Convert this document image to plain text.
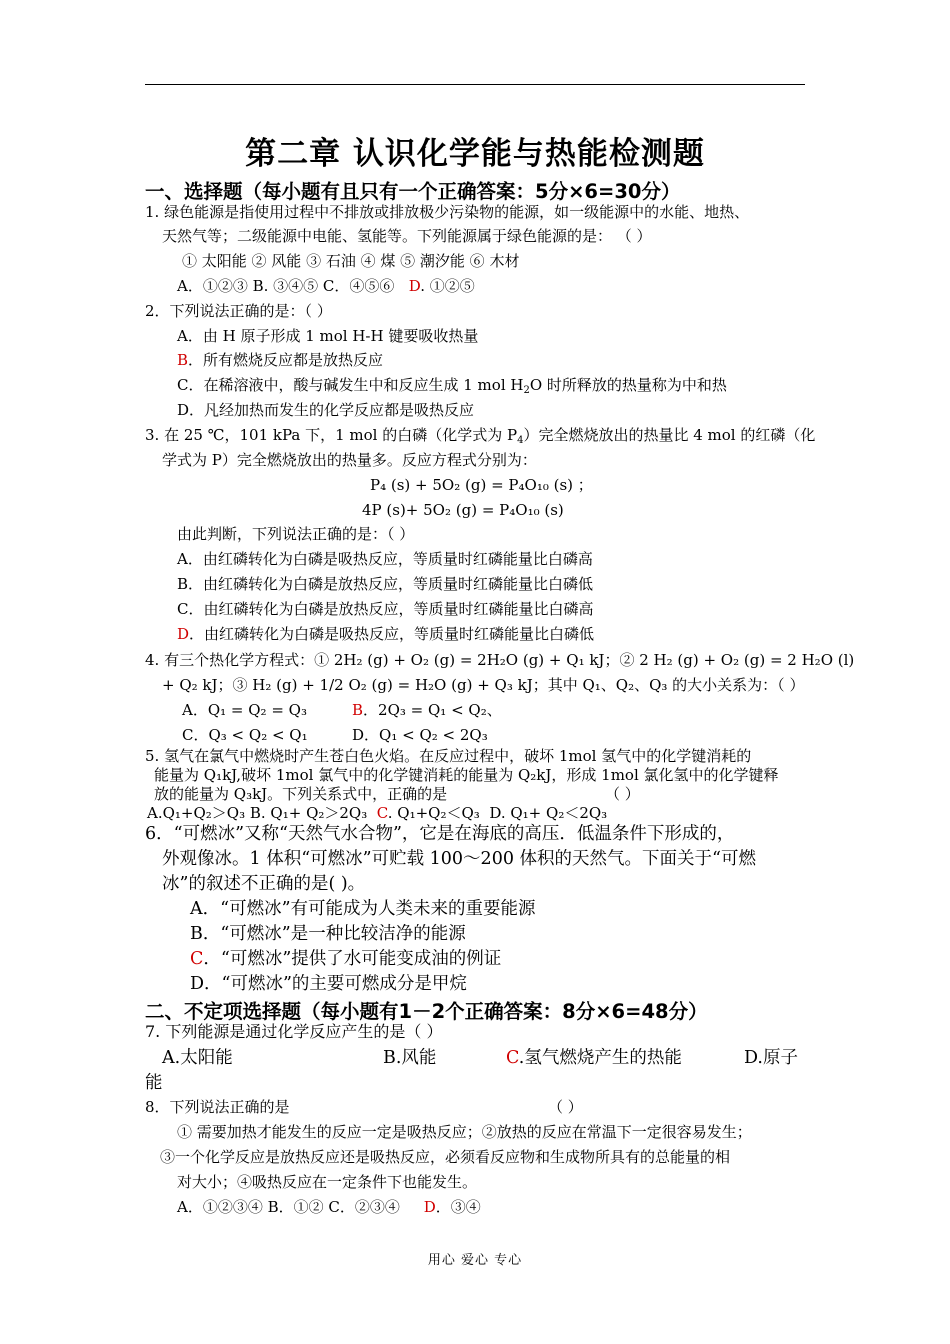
第二章 认识化学能与热能检测题
一、选择题（每小题有且只有一个正确答案：5分×6=30分）
1. 绿色能源是指使用过程中不排放或排放极少污染物的能源，如一级能源中的水能、地热、
天然气等；二级能源中电能、氢能等。下列能源属于绿色能源的是： （ ）
① 太阳能 ② 风能 ③ 石油 ④ 煤 ⑤ 潮汐能 ⑥ 木材
A．①②③ B. ③④⑤ C．④⑤⑥ D. ①②⑤
2．下列说法正确的是：（ ）
A．由 H 原子形成 1 mol H-H 键要吸收热量
B．所有燃烧反应都是放热反应
C．在稀溶液中，酸与碱发生中和反应生成 1 mol $H_2O$ 时所释放的热量称为中和热
D．凡经加热而发生的化学反应都是吸热反应
3. 在 25 ℃，101 kPa 下，1 mol 的白磷（化学式为 $P_4$）完全燃烧放出的热量比 4 mol 的红磷（化
学式为 P）完全燃烧放出的热量多。反应方程式分别为：
P₄ (s) + 5O₂ (g) = P₄O₁₀ (s) ；
4P (s)+ 5O₂ (g) = P₄O₁₀ (s)
由此判断，下列说法正确的是：（ ）
A．由红磷转化为白磷是吸热反应，等质量时红磷能量比白磷高
B．由红磷转化为白磷是放热反应，等质量时红磷能量比白磷低
C．由红磷转化为白磷是放热反应，等质量时红磷能量比白磷高
D．由红磷转化为白磷是吸热反应，等质量时红磷能量比白磷低
4. 有三个热化学方程式：① 2H₂ (g) + O₂ (g) = 2H₂O (g) + Q₁ kJ；② 2 H₂ (g) + O₂ (g) = 2 H₂O (l)
+ Q₂ kJ；③ H₂ (g) + 1/2 O₂ (g) = H₂O (g) + Q₃ kJ；其中 Q₁、Q₂、Q₃ 的大小关系为：（ ）
A．Q₁ = Q₂ = Q₃	B．2Q₃ = Q₁ < Q₂、
C．Q₃ < Q₂ < Q₁	D．Q₁ < Q₂ < 2Q₃
5. 氢气在氯气中燃烧时产生苍白色火焰。在反应过程中，破坏 1mol 氢气中的化学键消耗的
能量为 Q₁kJ,破坏 1mol 氯气中的化学键消耗的能量为 Q₂kJ，形成 1mol 氯化氢中的化学键释
放的能量为 Q₃kJ。下列关系式中，正确的是	（ ）
A.Q₁+Q₂＞Q₃ B. Q₁+ Q₂＞2Q₃ C. Q₁+Q₂＜Q₃ D. Q₁+ Q₂＜2Q₃
6．“可燃冰”又称“天然气水合物”，它是在海底的高压．低温条件下形成的，
外观像冰。1 体积“可燃冰”可贮载 100～200 体积的天然气。下面关于“可燃
冰”的叙述不正确的是( )。
A．“可燃冰”有可能成为人类未来的重要能源
B．“可燃冰”是一种比较洁净的能源
C．“可燃冰”提供了水可能变成油的例证
D．“可燃冰”的主要可燃成分是甲烷
二、不定项选择题（每小题有1－2个正确答案：8分×6=48分）
7. 下列能源是通过化学反应产生的是（ ）
A.太阳能	B.风能	C.氢气燃烧产生的热能	D.原子
能
8．下列说法正确的是	（ ）
① 需要加热才能发生的反应一定是吸热反应；②放热的反应在常温下一定很容易发生；
③一个化学反应是放热反应还是吸热反应，必须看反应物和生成物所具有的总能量的相
对大小；④吸热反应在一定条件下也能发生。
A．①②③④ B．①② C．②③④ D．③④
用心 爱心 专心
